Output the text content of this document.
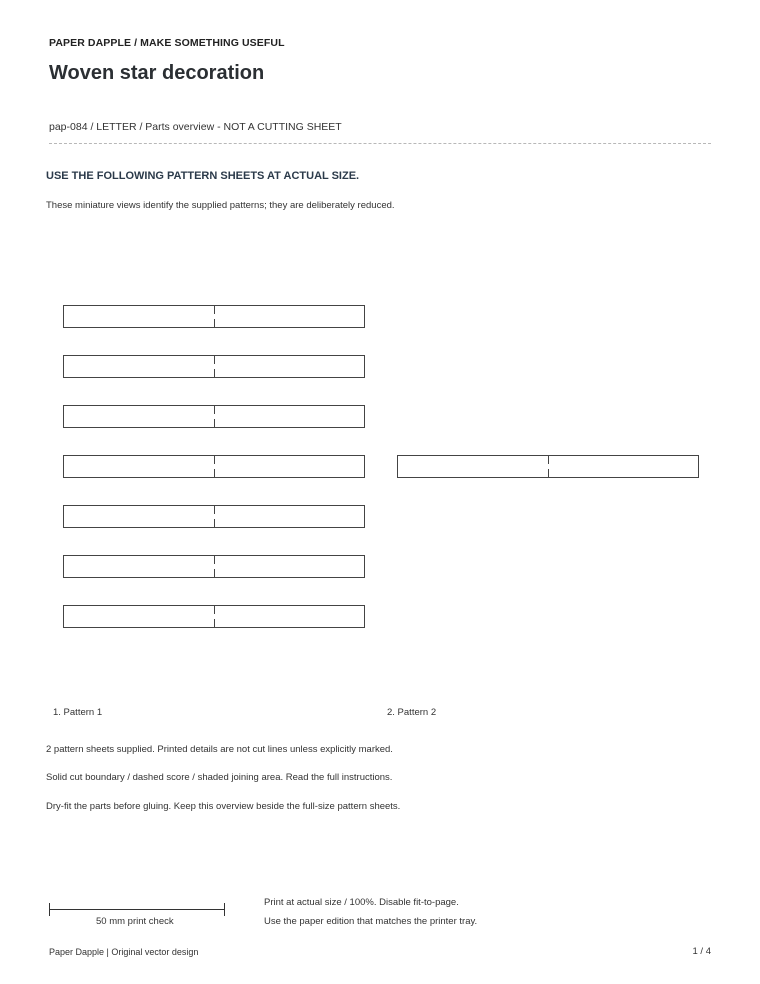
PAPER DAPPLE / MAKE SOMETHING USEFUL
Woven star decoration
pap-084 / LETTER / Parts overview - NOT A CUTTING SHEET
USE THE FOLLOWING PATTERN SHEETS AT ACTUAL SIZE.
These miniature views identify the supplied patterns; they are deliberately reduced.
1. Pattern 1	2. Pattern 2
2 pattern sheets supplied. Printed details are not cut lines unless explicitly marked.
Solid cut boundary / dashed score / shaded joining area. Read the full instructions.
Dry-fit the parts before gluing. Keep this overview beside the full-size pattern sheets.
50 mm print check
Print at actual size / 100%. Disable fit-to-page.
Use the paper edition that matches the printer tray.
Paper Dapple | Original vector design	1 / 4
